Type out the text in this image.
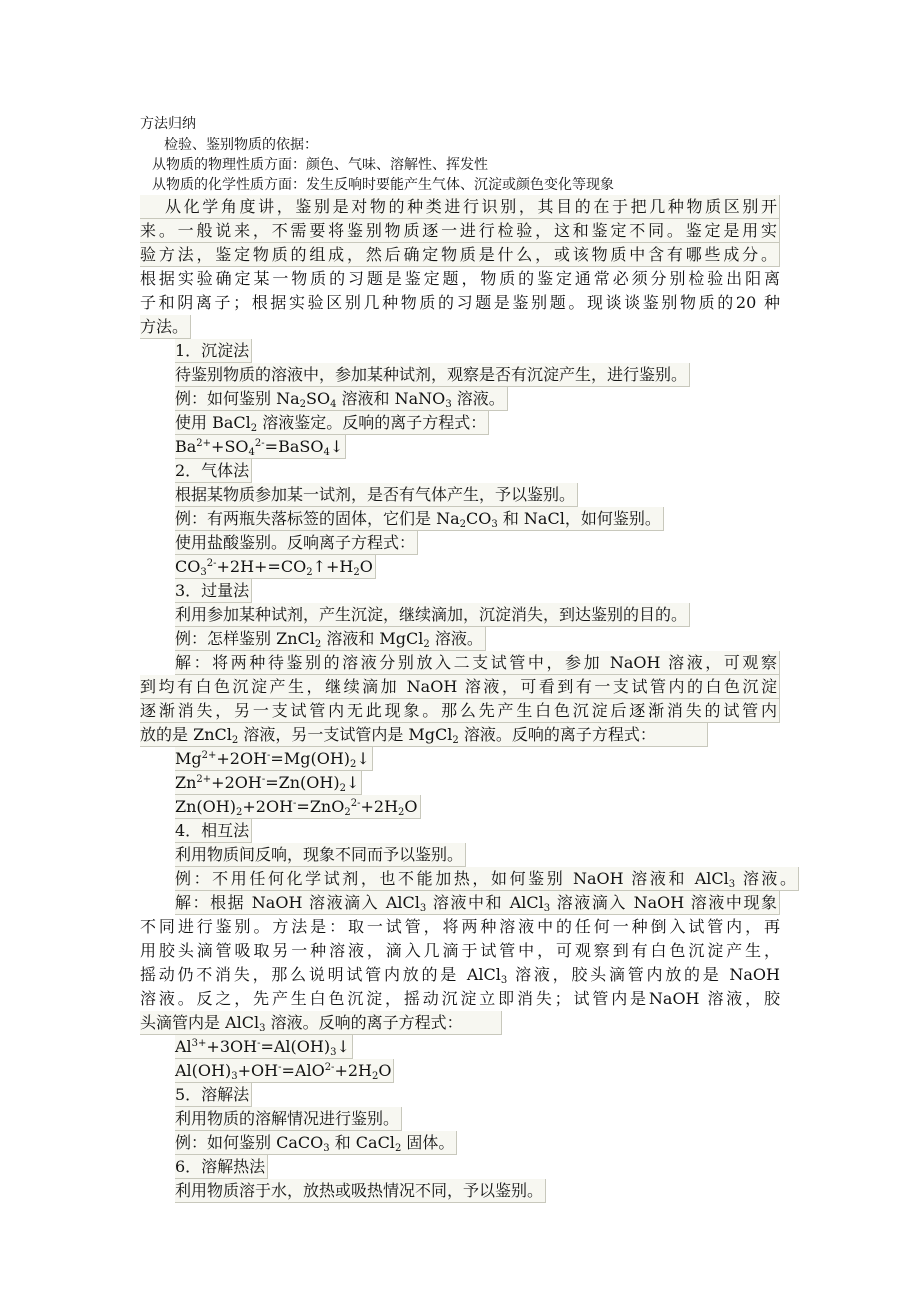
方法归纳
检验、鉴别物质的依据：
从物质的物理性质方面：颜色、气味、溶解性、挥发性
从物质的化学性质方面：发生反响时要能产生气体、沉淀或颜色变化等现象
从化学角度讲，鉴别是对物的种类进行识别，其目的在于把几种物质区别开
来。一般说来，不需要将鉴别物质逐一进行检验，这和鉴定不同。鉴定是用实
验方法，鉴定物质的组成，然后确定物质是什么，或该物质中含有哪些成分。
根据实验确定某一物质的习题是鉴定题，物质的鉴定通常必须分别检验出阳离
子和阴离子；根据实验区别几种物质的习题是鉴别题。现谈谈鉴别物质的20 种
方法。
1．沉淀法
待鉴别物质的溶液中，参加某种试剂，观察是否有沉淀产生，进行鉴别。
例：如何鉴别 $Na_2SO_4$ 溶液和 NaNO$_3$ 溶液。
使用 BaCl$_2$ 溶液鉴定。反响的离子方程式：
$Ba^{2+}+SO_4^{2-}=BaSO_4↓$
2．气体法
根据某物质参加某一试剂，是否有气体产生，予以鉴别。
例：有两瓶失落标签的固体，它们是 $Na_2CO_3$ 和 NaCl，如何鉴别。
使用盐酸鉴别。反响离子方程式：
$CO_3^{2-}+2H+=CO_2↑+H_2O$
3．过量法
利用参加某种试剂，产生沉淀，继续滴加，沉淀消失，到达鉴别的目的。
例：怎样鉴别 ZnCl$_2$ 溶液和 MgCl$_2$ 溶液。
解：将两种待鉴别的溶液分别放入二支试管中，参加 NaOH 溶液，可观察
到均有白色沉淀产生，继续滴加 NaOH 溶液，可看到有一支试管内的白色沉淀
逐渐消失，另一支试管内无此现象。那么先产生白色沉淀后逐渐消失的试管内
放的是 ZnCl$_2$ 溶液，另一支试管内是 MgCl$_2$ 溶液。反响的离子方程式：
$Mg^{2+}+2OH^-=Mg(OH)_2↓$
$Zn^{2+}+2OH^-=Zn(OH)_2↓$
$Zn(OH)_2+2OH^-=ZnO_2^{2-}+2H_2O$
4．相互法
利用物质间反响，现象不同而予以鉴别。
例：不用任何化学试剂，也不能加热，如何鉴别 NaOH 溶液和 AlCl$_3$ 溶液。
解：根据 NaOH 溶液滴入 AlCl$_3$ 溶液中和 AlCl$_3$ 溶液滴入 NaOH 溶液中现象
不同进行鉴别。方法是：取一试管，将两种溶液中的任何一种倒入试管内，再
用胶头滴管吸取另一种溶液，滴入几滴于试管中，可观察到有白色沉淀产生，
摇动仍不消失，那么说明试管内放的是 AlCl$_3$ 溶液，胶头滴管内放的是 NaOH
溶液。反之，先产生白色沉淀，摇动沉淀立即消失；试管内是NaOH 溶液，胶
头滴管内是 AlCl$_3$ 溶液。反响的离子方程式：
$Al^{3+}+3OH^-=Al(OH)_3↓$
$Al(OH)_3+OH^-=AlO^{2-}+2H_2O$
5．溶解法
利用物质的溶解情况进行鉴别。
例：如何鉴别 CaCO$_3$ 和 CaCl$_2$ 固体。
6．溶解热法
利用物质溶于水，放热或吸热情况不同，予以鉴别。
